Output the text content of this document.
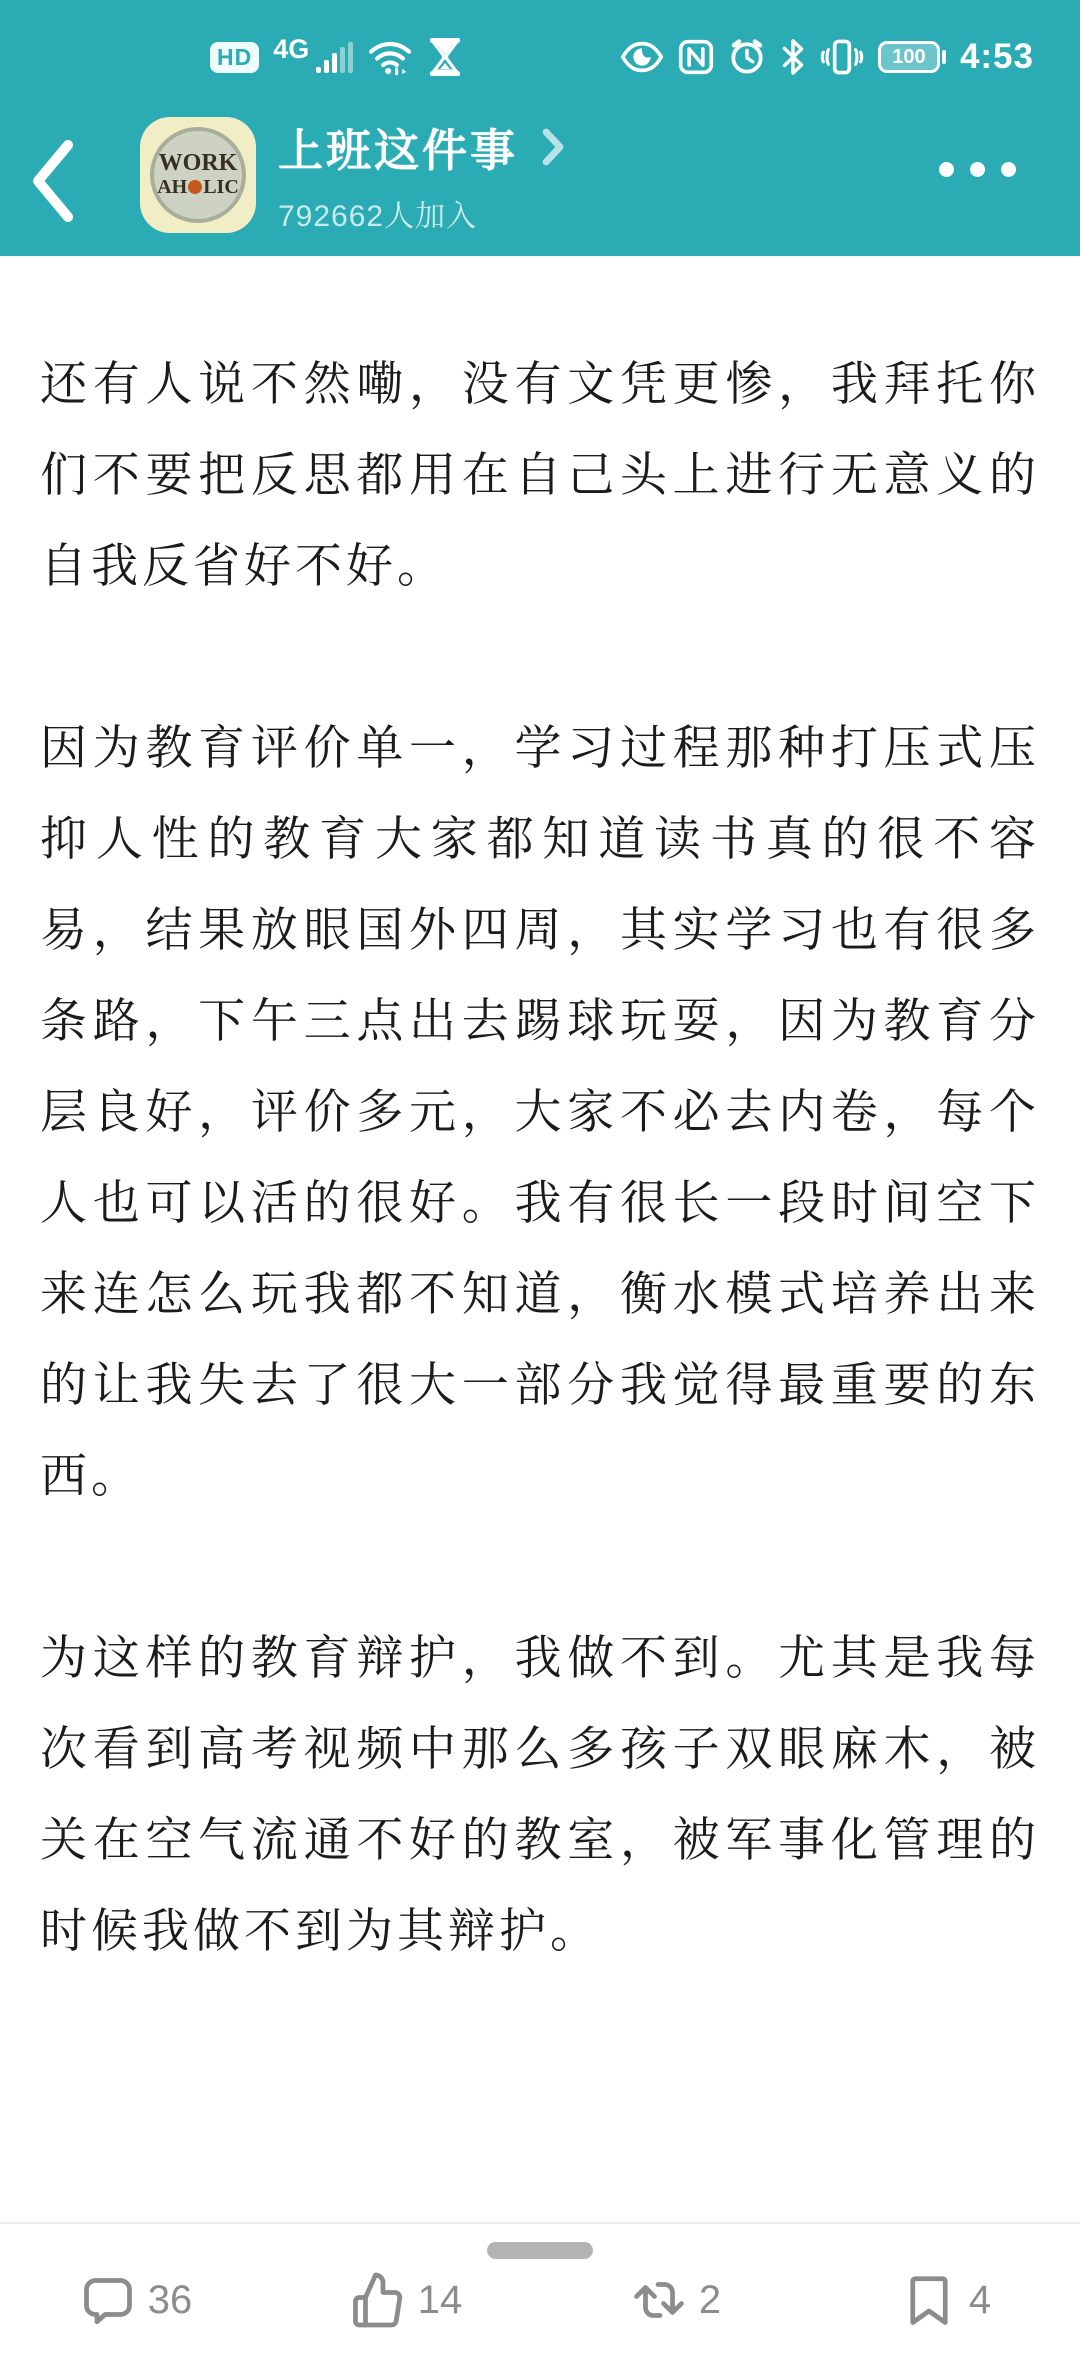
HD 4G	100 4:53
WORK
AH LIC
上班这件事
792662人加入

还有人说不然嘞，没有文凭更惨，我拜托你们不要把反思都用在自己头上进行无意义的自我反省好不好。

因为教育评价单一，学习过程那种打压式压抑人性的教育大家都知道读书真的很不容易，结果放眼国外四周，其实学习也有很多条路，下午三点出去踢球玩耍，因为教育分层良好，评价多元，大家不必去内卷，每个人也可以活的很好。我有很长一段时间空下来连怎么玩我都不知道，衡水模式培养出来的让我失去了很大一部分我觉得最重要的东西。

为这样的教育辩护，我做不到。尤其是我每次看到高考视频中那么多孩子双眼麻木，被关在空气流通不好的教室，被军事化管理的时候我做不到为其辩护。

36	14	2	4
